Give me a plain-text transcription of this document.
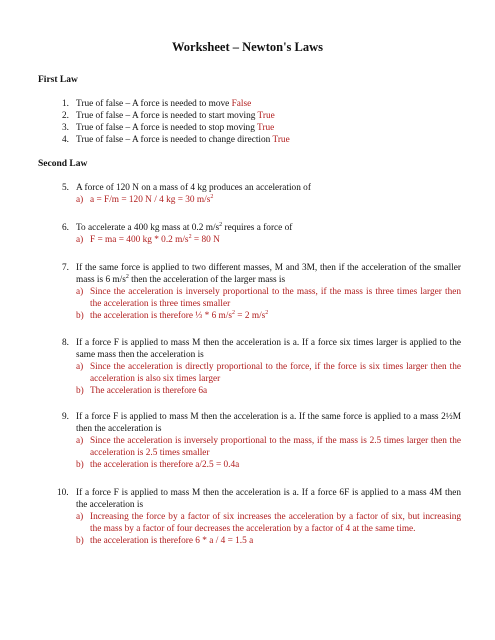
Worksheet – Newton's Laws
First Law
1. True of false – A force is needed to move False
2. True of false – A force is needed to start moving True
3. True of false – A force is needed to stop moving True
4. True of false – A force is needed to change direction True
Second Law
5. A force of 120 N on a mass of 4 kg produces an acceleration of
a) a = F/m = 120 N / 4 kg = 30 $m/s^2$
6. To accelerate a 400 kg mass at 0.2 $m/s^2$ requires a force of
a) F = ma = 400 kg * 0.2 $m/s^2 = 80$ N
7. If the same force is applied to two different masses, M and 3M, then if the acceleration of the smaller mass is 6 $m/s^2$ then the acceleration of the larger mass is
a) Since the acceleration is inversely proportional to the mass, if the mass is three times larger then the acceleration is three times smaller
b) the acceleration is therefore ⅓ * 6 $m/s^2 = 2$ $m/s^2$
8. If a force F is applied to mass M then the acceleration is a. If a force six times larger is applied to the same mass then the acceleration is
a) Since the acceleration is directly proportional to the force, if the force is six times larger then the acceleration is also six times larger
b) The acceleration is therefore 6a
9. If a force F is applied to mass M then the acceleration is a. If the same force is applied to a mass 2½M then the acceleration is
a) Since the acceleration is inversely proportional to the mass, if the mass is 2.5 times larger then the acceleration is 2.5 times smaller
b) the acceleration is therefore a/2.5 = 0.4a
10. If a force F is applied to mass M then the acceleration is a. If a force 6F is applied to a mass 4M then the acceleration is
a) Increasing the force by a factor of six increases the acceleration by a factor of six, but increasing the mass by a factor of four decreases the acceleration by a factor of 4 at the same time.
b) the acceleration is therefore 6 * a / 4 = 1.5 a
